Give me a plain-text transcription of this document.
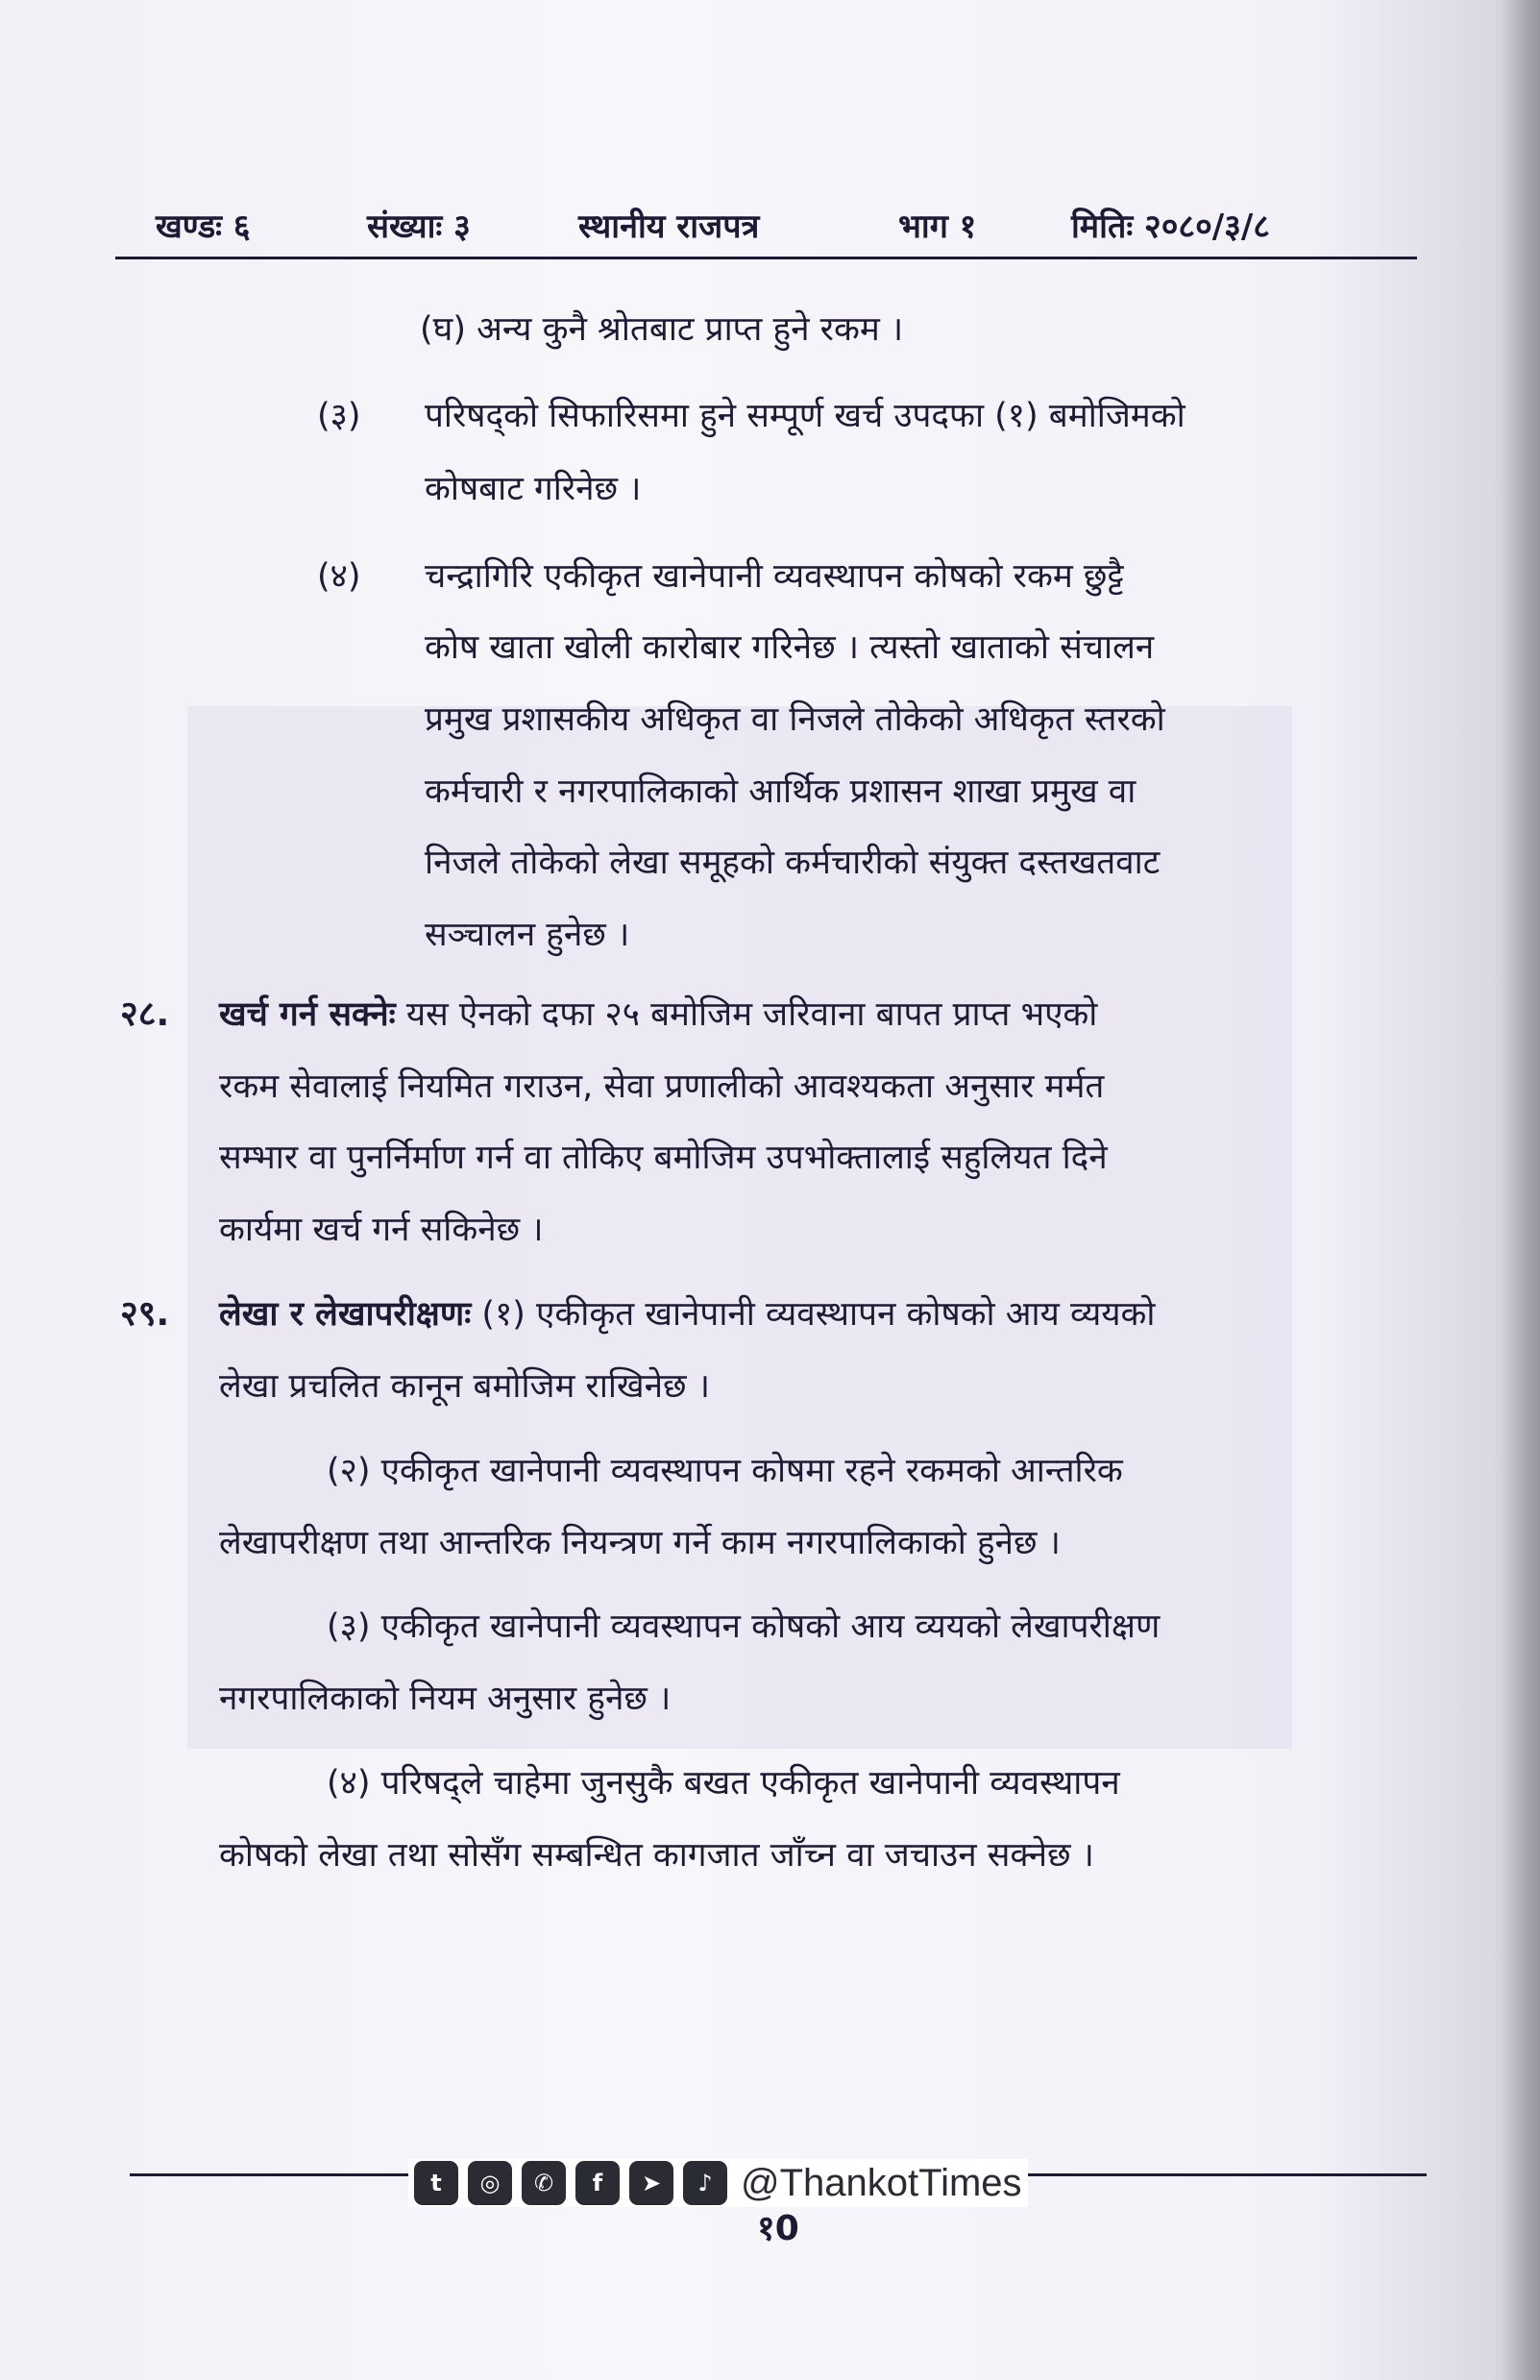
खण्डः ६	संख्याः ३	स्थानीय राजपत्र	भाग १	मितिः २०८०/३/८
(घ) अन्य कुनै श्रोतबाट प्राप्त हुने रकम ।
(३) परिषद्को सिफारिसमा हुने सम्पूर्ण खर्च उपदफा (१) बमोजिमको
कोषबाट गरिनेछ ।
(४) चन्द्रागिरि एकीकृत खानेपानी व्यवस्थापन कोषको रकम छुट्टै
कोष खाता खोली कारोबार गरिनेछ । त्यस्तो खाताको संचालन
प्रमुख प्रशासकीय अधिकृत वा निजले तोकेको अधिकृत स्तरको
कर्मचारी र नगरपालिकाको आर्थिक प्रशासन शाखा प्रमुख वा
निजले तोकेको लेखा समूहको कर्मचारीको संयुक्त दस्तखतवाट
सञ्चालन हुनेछ ।
२८. खर्च गर्न सक्नेः यस ऐनको दफा २५ बमोजिम जरिवाना बापत प्राप्त भएको
रकम सेवालाई नियमित गराउन, सेवा प्रणालीको आवश्यकता अनुसार मर्मत
सम्भार वा पुनर्निर्माण गर्न वा तोकिए बमोजिम उपभोक्तालाई सहुलियत दिने
कार्यमा खर्च गर्न सकिनेछ ।
२९. लेखा र लेखापरीक्षणः (१) एकीकृत खानेपानी व्यवस्थापन कोषको आय व्ययको
लेखा प्रचलित कानून बमोजिम राखिनेछ ।
(२) एकीकृत खानेपानी व्यवस्थापन कोषमा रहने रकमको आन्तरिक
लेखापरीक्षण तथा आन्तरिक नियन्त्रण गर्ने काम नगरपालिकाको हुनेछ ।
(३) एकीकृत खानेपानी व्यवस्थापन कोषको आय व्ययको लेखापरीक्षण
नगरपालिकाको नियम अनुसार हुनेछ ।
(४) परिषद्ले चाहेमा जुनसुकै बखत एकीकृत खानेपानी व्यवस्थापन
कोषको लेखा तथा सोसँग सम्बन्धित कागजात जाँच्न वा जचाउन सक्नेछ ।
t	◎	✆	f	➤	♪ @ThankotTimes
१0
